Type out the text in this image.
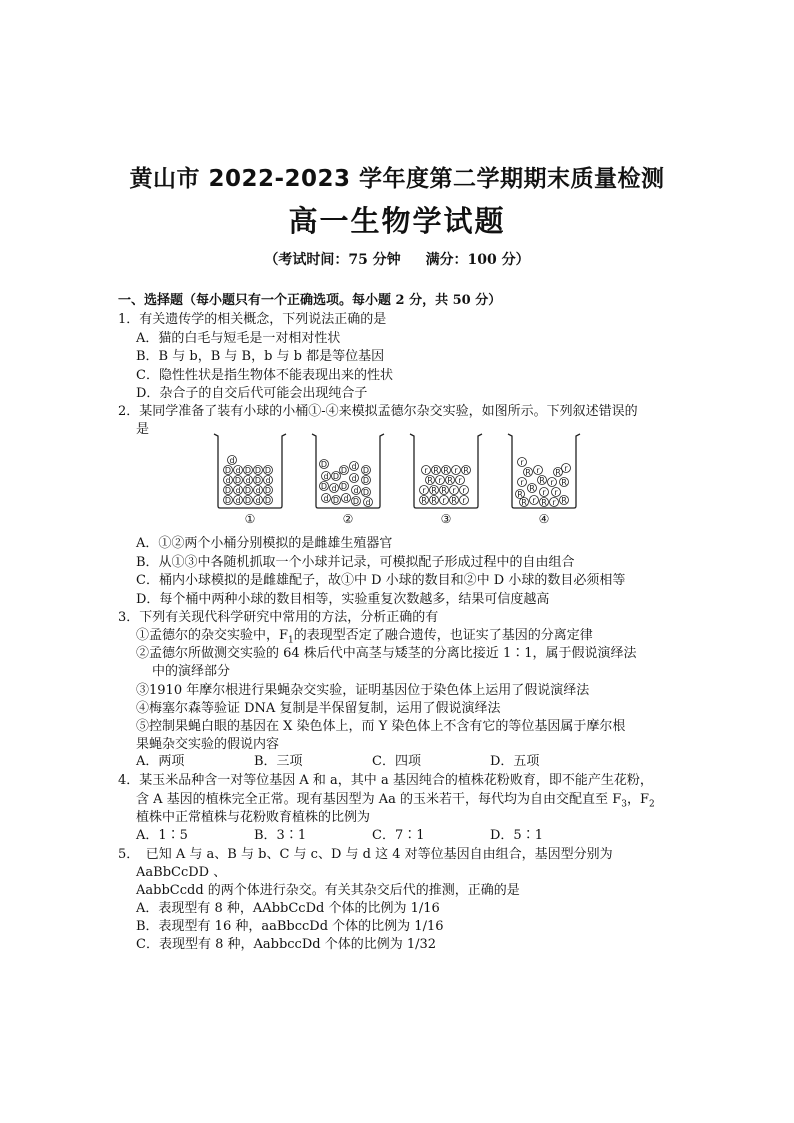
黄山市 2022-2023 学年度第二学期期末质量检测
高一生物学试题
（考试时间：75 分钟 满分：100 分）
一、选择题（每小题只有一个正确选项。每小题 2 分，共 50 分）
1．有关遗传学的相关概念，下列说法正确的是
A．猫的白毛与短毛是一对相对性状
B．B 与 b，B 与 B，b 与 b 都是等位基因
C．隐性性状是指生物体不能表现出来的性状
D．杂合子的自交后代可能会出现纯合子
2．某同学准备了装有小球的小桶①-④来模拟孟德尔杂交实验，如图所示。下列叙述错误的
是
d
D d D D D
d D d D d
D d D d D
D d D d D
①
D
D d D
d D d D
D d D d D
d D d D d
②
r R R r R
R r R r
r R R r r
R R r R r
③
r
R r R r
r R r R
R r r
R
R r R r R
④
A．①②两个小桶分别模拟的是雌雄生殖器官
B．从①③中各随机抓取一个小球并记录，可模拟配子形成过程中的自由组合
C．桶内小球模拟的是雌雄配子，故①中 D 小球的数目和②中 D 小球的数目必须相等
D．每个桶中两种小球的数目相等，实验重复次数越多，结果可信度越高
3．下列有关现代科学研究中常用的方法，分析正确的有
①孟德尔的杂交实验中，$F_1$的表现型否定了融合遗传，也证实了基因的分离定律
②孟德尔所做测交实验的 64 株后代中高茎与矮茎的分离比接近 1∶1，属于假说演绎法
中的演绎部分
③1910 年摩尔根进行果蝇杂交实验，证明基因位于染色体上运用了假说演绎法
④梅塞尔森等验证 DNA 复制是半保留复制，运用了假说演绎法
⑤控制果蝇白眼的基因在 X 染色体上，而 Y 染色体上不含有它的等位基因属于摩尔根
果蝇杂交实验的假说内容
A．两项	B．三项	C．四项	D．五项
4．某玉米品种含一对等位基因 A 和 a，其中 a 基因纯合的植株花粉败育，即不能产生花粉，
含 A 基因的植株完全正常。现有基因型为 Aa 的玉米若干，每代均为自由交配直至 $F_3$，$F_2$
植株中正常植株与花粉败育植株的比例为
A．1∶5	B．3∶1	C．7∶1	D．5∶1
5．　已知 A 与 a、B 与 b、C 与 c、D 与 d 这 4 对等位基因自由组合，基因型分别为
AaBbCcDD 、
AabbCcdd 的两个体进行杂交。有关其杂交后代的推测，正确的是
A．表现型有 8 种，AAbbCcDd 个体的比例为 1/16
B．表现型有 16 种，aaBbccDd 个体的比例为 1/16
C．表现型有 8 种，AabbccDd 个体的比例为 1/32
